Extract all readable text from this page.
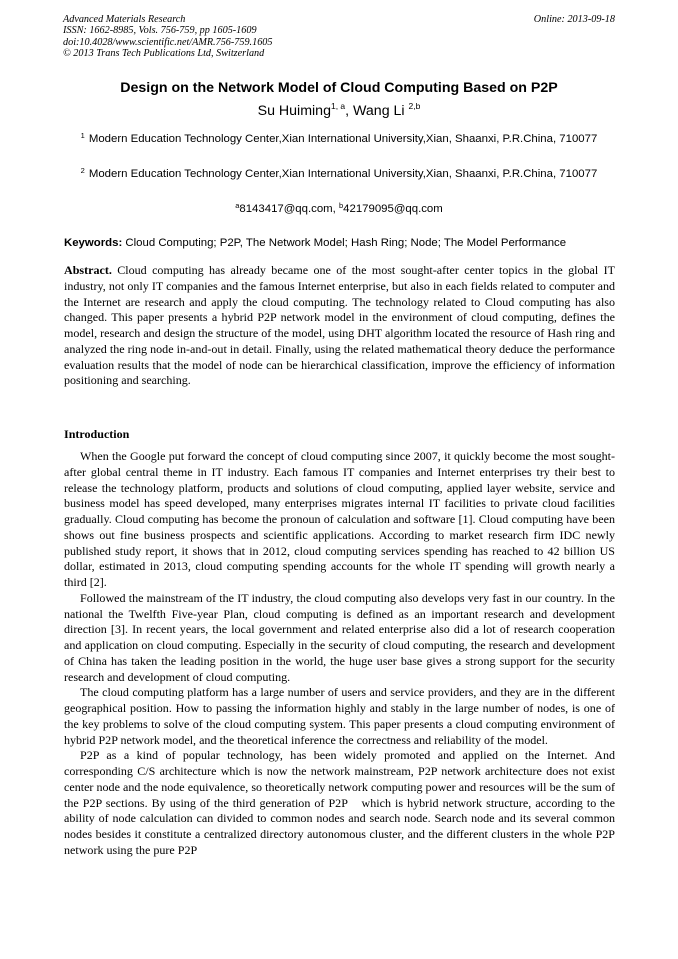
Advanced Materials Research
ISSN: 1662-8985, Vols. 756-759, pp 1605-1609
doi:10.4028/www.scientific.net/AMR.756-759.1605
© 2013 Trans Tech Publications Ltd, Switzerland
Online: 2013-09-18
Design on the Network Model of Cloud Computing Based on P2P
Su Huiming$^{1, a}$, Wang Li $^{2,b}$
$^1$ Modern Education Technology Center,Xian International University,Xian, Shaanxi, P.R.China, 710077
$^2$ Modern Education Technology Center,Xian International University,Xian, Shaanxi, P.R.China, 710077
$^a$8143417@qq.com, $^b$42179095@qq.com
Keywords: Cloud Computing; P2P, The Network Model; Hash Ring; Node; The Model Performance
Abstract. Cloud computing has already became one of the most sought-after center topics in the global IT industry, not only IT companies and the famous Internet enterprise, but also in each fields related to computer and the Internet are research and apply the cloud computing. The technology related to Cloud computing has also changed. This paper presents a hybrid P2P network model in the environment of cloud computing, defines the model, research and design the structure of the model, using DHT algorithm located the resource of Hash ring and analyzed the ring node in-and-out in detail. Finally, using the related mathematical theory deduce the performance evaluation results that the model of node can be hierarchical classification, improve the efficiency of information positioning and searching.
Introduction

When the Google put forward the concept of cloud computing since 2007, it quickly become the most sought-after global central theme in IT industry. Each famous IT companies and Internet enterprises try their best to release the technology platform, products and solutions of cloud computing, applied layer website, service and business model has speed developed, many enterprises migrates internal IT facilities to private cloud facilities gradually. Cloud computing has become the pronoun of calculation and software [1]. Cloud computing have been shows out fine business prospects and scientific applications. According to market research firm IDC newly published study report, it shows that in 2012, cloud computing services spending has reached to 42 billion US dollar, estimated in 2013, cloud computing spending accounts for the whole IT spending will growth nearly a third [2].

Followed the mainstream of the IT industry, the cloud computing also develops very fast in our country. In the national the Twelfth Five-year Plan, cloud computing is defined as an important research and development direction [3]. In recent years, the local government and related enterprise also did a lot of research cooperation and application on cloud computing. Especially in the security of cloud computing, the research and development of China has taken the leading position in the world, the huge user base gives a strong support for the security research and development of cloud computing.

The cloud computing platform has a large number of users and service providers, and they are in the different geographical position. How to passing the information highly and stably in the large number of nodes, is one of the key problems to solve of the cloud computing system. This paper presents a cloud computing environment of hybrid P2P network model, and the theoretical inference the correctness and reliability of the model.

P2P as a kind of popular technology, has been widely promoted and applied on the Internet. And corresponding C/S architecture which is now the network mainstream, P2P network architecture does not exist center node and the node equivalence, so theoretically network computing power and resources will be the sum of the P2P sections. By using of the third generation of P2P　which is hybrid network structure, according to the ability of node calculation can divided to common nodes and search node. Search node and its several common nodes besides it constitute a centralized directory autonomous cluster, and the different clusters in the whole P2P network using the pure P2P
